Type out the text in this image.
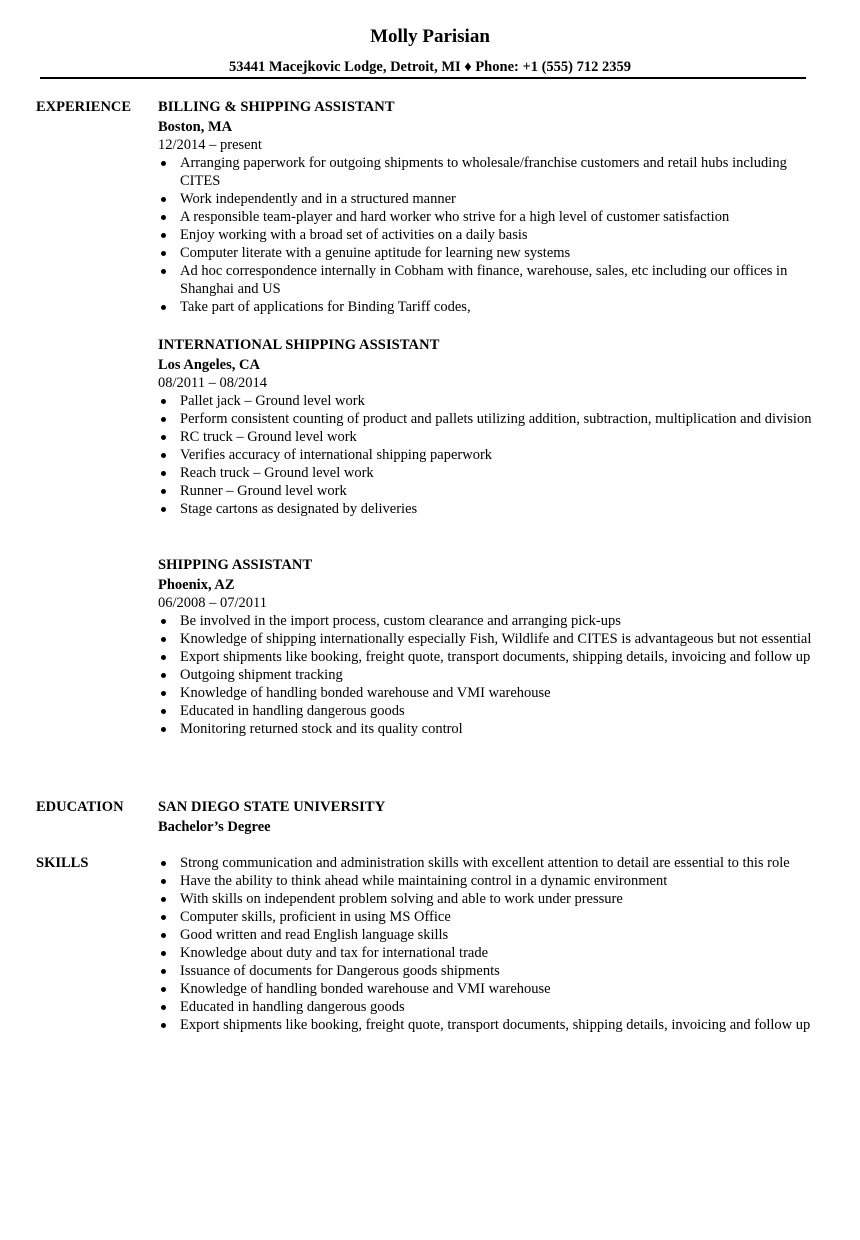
Molly Parisian
53441 Macejkovic Lodge, Detroit, MI ♦ Phone: +1 (555) 712 2359
EXPERIENCE BILLING & SHIPPING ASSISTANT
Boston, MA
12/2014 – present
Arranging paperwork for outgoing shipments to wholesale/franchise customers and retail hubs including CITES
Work independently and in a structured manner
A responsible team-player and hard worker who strive for a high level of customer satisfaction
Enjoy working with a broad set of activities on a daily basis
Computer literate with a genuine aptitude for learning new systems
Ad hoc correspondence internally in Cobham with finance, warehouse, sales, etc including our offices in Shanghai and US
Take part of applications for Binding Tariff codes,
INTERNATIONAL SHIPPING ASSISTANT
Los Angeles, CA
08/2011 – 08/2014
Pallet jack – Ground level work
Perform consistent counting of product and pallets utilizing addition, subtraction, multiplication and division
RC truck – Ground level work
Verifies accuracy of international shipping paperwork
Reach truck – Ground level work
Runner – Ground level work
Stage cartons as designated by deliveries
SHIPPING ASSISTANT
Phoenix, AZ
06/2008 – 07/2011
Be involved in the import process, custom clearance and arranging pick-ups
Knowledge of shipping internationally especially Fish, Wildlife and CITES is advantageous but not essential
Export shipments like booking, freight quote, transport documents, shipping details, invoicing and follow up
Outgoing shipment tracking
Knowledge of handling bonded warehouse and VMI warehouse
Educated in handling dangerous goods
Monitoring returned stock and its quality control
EDUCATION SAN DIEGO STATE UNIVERSITY
Bachelor’s Degree
SKILLS	Strong communication and administration skills with excellent attention to detail are essential to this role
Have the ability to think ahead while maintaining control in a dynamic environment
With skills on independent problem solving and able to work under pressure
Computer skills, proficient in using MS Office
Good written and read English language skills
Knowledge about duty and tax for international trade
Issuance of documents for Dangerous goods shipments
Knowledge of handling bonded warehouse and VMI warehouse
Educated in handling dangerous goods
Export shipments like booking, freight quote, transport documents, shipping details, invoicing and follow up
